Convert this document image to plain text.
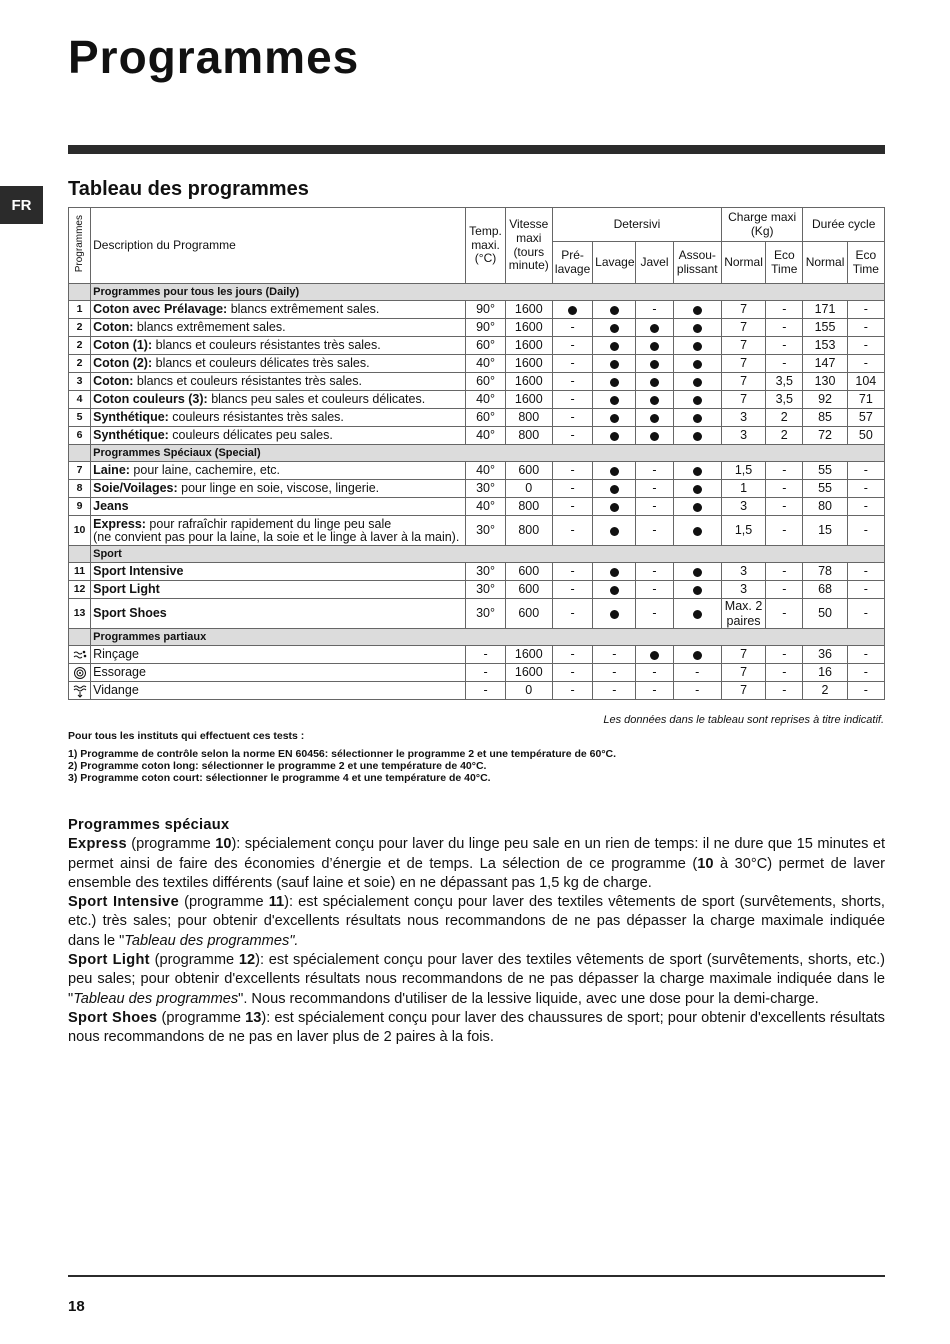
Programmes
FR
Tableau des programmes
Programmes	Description du Programme	Temp. maxi. (°C)	Vitesse maxi (tours minute)	Detersivi				Charge maxi (Kg)		Durée cycle	
				Pré-lavage	Lavage	Javel	Assou-plissant	Normal	Eco Time	Normal	Eco Time
	Programmes pour tous les jours (Daily)										
1	Coton avec Prélavage: blancs extrêmement sales.	90°	1600			-		7	-	171	-
2	Coton: blancs extrêmement sales.	90°	1600	-				7	-	155	-
2	Coton (1): blancs et couleurs résistantes très sales.	60°	1600	-				7	-	153	-
2	Coton (2): blancs et couleurs délicates très sales.	40°	1600	-				7	-	147	-
3	Coton: blancs et couleurs résistantes très sales.	60°	1600	-				7	3,5	130	104
4	Coton couleurs (3): blancs peu sales et couleurs délicates.	40°	1600	-				7	3,5	92	71
5	Synthétique: couleurs résistantes très sales.	60°	800	-				3	2	85	57
6	Synthétique: couleurs délicates peu sales.	40°	800	-				3	2	72	50
	Programmes Spéciaux (Special)										
7	Laine: pour laine, cachemire, etc.	40°	600	-		-		1,5	-	55	-
8	Soie/Voilages: pour linge en soie, viscose, lingerie.	30°	0	-		-		1	-	55	-
9	Jeans	40°	800	-		-		3	-	80	-
10	Express: pour rafraîchir rapidement du linge peu sale
(ne convient pas pour la laine, la soie et le linge à laver à la main).	30°	800	-		-		1,5	-	15	-
	Sport										
11	Sport Intensive	30°	600	-		-		3	-	78	-
12	Sport Light	30°	600	-		-		3	-	68	-
13	Sport Shoes	30°	600	-		-		Max. 2 paires	-	50	-
	Programmes partiaux										
	Rinçage	-	1600	-	-			7	-	36	-
	Essorage	-	1600	-	-	-	-	7	-	16	-
	Vidange	-	0	-	-	-	-	7	-	2	-
Les données dans le tableau sont reprises à titre indicatif.
Pour tous les instituts qui effectuent ces tests :
1) Programme de contrôle selon la norme EN 60456: sélectionner le programme 2 et une température de 60°C.
2) Programme coton long: sélectionner le programme 2 et une température de 40°C.
3) Programme coton court: sélectionner le programme 4 et une température de 40°C.
Programmes spéciaux

Express (programme 10): spécialement conçu pour laver du linge peu sale en un rien de temps: il ne dure que 15 minutes et permet ainsi de faire des économies d’énergie et de temps. La sélection de ce programme (10 à 30°C) permet de laver ensemble des textiles différents (sauf laine et soie) en ne dépassant pas 1,5 kg de charge.

Sport Intensive (programme 11): est spécialement conçu pour laver des textiles vêtements de sport (survêtements, shorts, etc.) très sales; pour obtenir d'excellents résultats nous recommandons de ne pas dépasser la charge maximale indiquée dans le "Tableau des programmes".

Sport Light (programme 12): est spécialement conçu pour laver des textiles vêtements de sport (survêtements, shorts, etc.) peu sales; pour obtenir d'excellents résultats nous recommandons de ne pas dépasser la charge maximale indiquée dans le "Tableau des programmes". Nous recommandons d'utiliser de la lessive liquide, avec une dose pour la demi-charge.

Sport Shoes (programme 13): est spécialement conçu pour laver des chaussures de sport; pour obtenir d'excellents résultats nous recommandons de ne pas en laver plus de 2 paires à la fois.

18
